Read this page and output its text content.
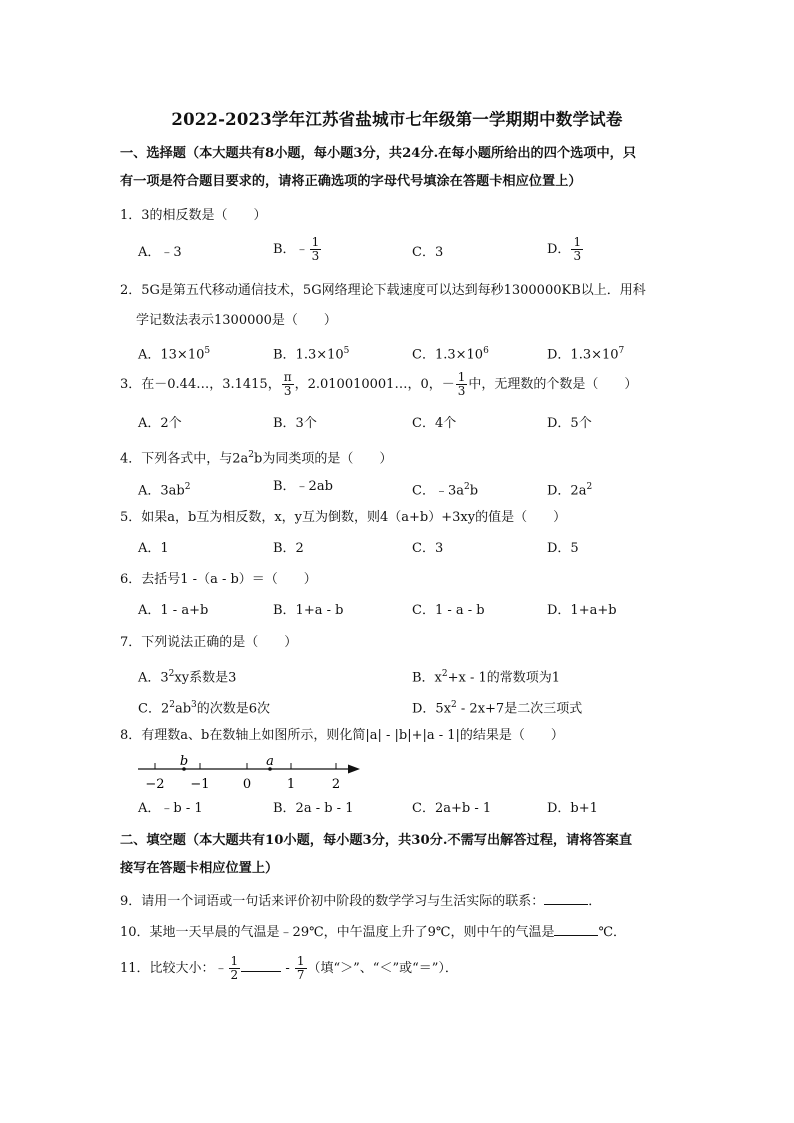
2022-2023学年江苏省盐城市七年级第一学期期中数学试卷
一、选择题（本大题共有8小题，每小题3分，共24分.在每小题所给出的四个选项中，只
有一项是符合题目要求的，请将正确选项的字母代号填涂在答题卡相应位置上）
1．3的相反数是（　　）
A．﹣3	B．﹣ $\frac{1}{3}$	C．3	D． $\frac{1}{3}$
2．5G是第五代移动通信技术，5G网络理论下载速度可以达到每秒1300000KB以上．用科
学记数法表示1300000是（　　）
A．$13\times 10^5$	B．$1.3\times 10^5$	C．$1.3\times 10^6$	D．$1.3\times 10^7$
3．在－0.44…，3.1415， $\frac{\pi}{3}$ ，2.010010001…，0，－ $\frac{1}{3}$ 中，无理数的个数是（　　）
A．2个	B．3个	C．4个	D．5个
4．下列各式中，与$2a^2b$为同类项的是（　　）
A．$3ab^2$	B．﹣2ab	C．$﹣3a^2b$	D．$2a^2$
5．如果a，b互为相反数，x，y互为倒数，则4（a+b）+3xy的值是（　　）
A．1	B．2	C．3	D．5
6．去括号1 -（a - b）＝（　　）
A．1 - a+b	B．1+a - b	C．1 - a - b	D．1+a+b
7．下列说法正确的是（　　）
A．$3^2xy$系数是3	B．$x^2+x - 1$的常数项为1
C．$2^2ab^3$的次数是6次	D．$5x^2 - 2x+7$是二次三项式
8．有理数a、b在数轴上如图所示，则化简|a| - |b|+|a - 1|的结果是（　　）
b	a
−2 −1	0	1	2
A．﹣b - 1	B．2a - b - 1	C．2a+b - 1	D．b+1
二、填空题（本大题共有10小题，每小题3分，共30分.不需写出解答过程，请将答案直
接写在答题卡相应位置上）
9．请用一个词语或一句话来评价初中阶段的数学学习与生活实际的联系：	．
10．某地一天早晨的气温是﹣29℃，中午温度上升了9℃，则中午的气温是	℃．
11．比较大小：﹣ $\frac{1}{2}$	- $\frac{1}{7}$ （填“＞”、“＜”或“＝”）．
